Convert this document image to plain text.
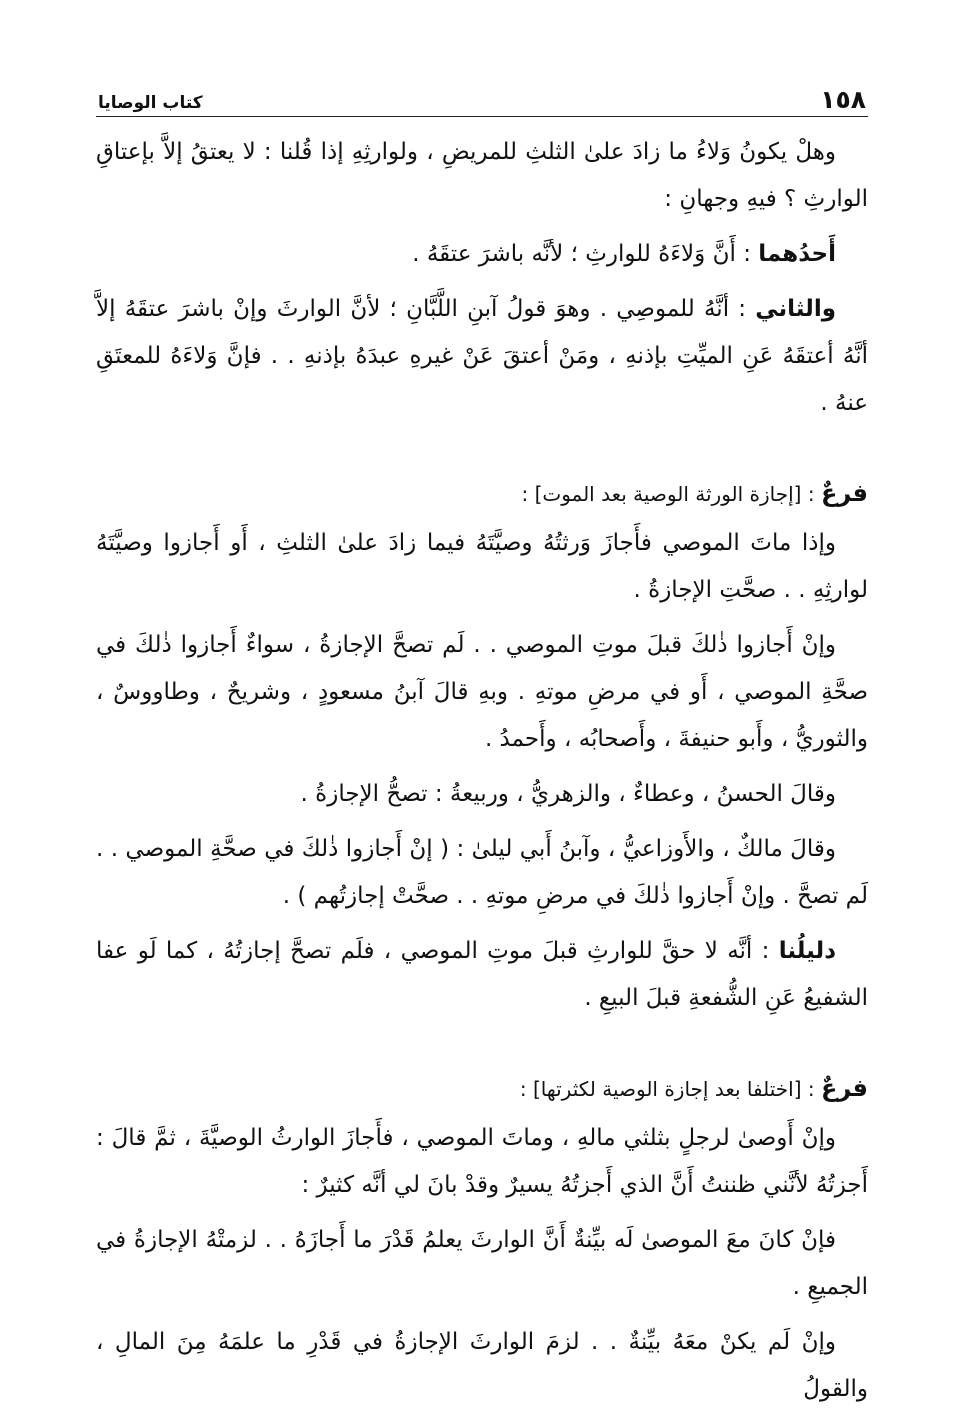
١٥٨
كتاب الوصايا

وهلْ يكونُ وَلاءُ ما زادَ علىٰ الثلثِ للمريضِ ، ولوارثِهِ إذا قُلنا : لا يعتقُ إلاَّ بإعتاقِ الوارثِ ؟ فيهِ وجهانِ :

أَحدُهما : أَنَّ وَلاءَهُ للوارثِ ؛ لأنَّه باشرَ عتقَهُ .

والثاني : أنَّهُ للموصِي . وهوَ قولُ آبنِ اللَّبَّانِ ؛ لأنَّ الوارثَ وإنْ باشرَ عتقَهُ إلاَّ أنَّهُ أعتقَهُ عَنِ الميِّتِ بإذنهِ ، ومَنْ أعتقَ عَنْ غيرهِ عبدَهُ بإذنهِ . . فإنَّ وَلاءَهُ للمعتَقِ عنهُ .

فرعٌ : [إجازة الورثة الوصية بعد الموت] :

وإذا ماتَ الموصي فأَجازَ وَرثتُهُ وصيَّتَهُ فيما زادَ علىٰ الثلثِ ، أَو أَجازوا وصيَّتَهُ لوارثِهِ . . صحَّتِ الإجازةُ .

وإنْ أَجازوا ذٰلكَ قبلَ موتِ الموصي . . لَم تصحَّ الإجازةُ ، سواءٌ أَجازوا ذٰلكَ في صحَّةِ الموصي ، أَو في مرضِ موتهِ . وبهِ قالَ آبنُ مسعودٍ ، وشريحٌ ، وطاووسٌ ، والثوريُّ ، وأَبو حنيفةَ ، وأَصحابُه ، وأَحمدُ .

وقالَ الحسنُ ، وعطاءٌ ، والزهريُّ ، وربيعةُ : تصحُّ الإجازةُ .

وقالَ مالكٌ ، والأَوزاعيُّ ، وآبنُ أَبي ليلىٰ : ( إنْ أَجازوا ذٰلكَ في صحَّةِ الموصي . . لَم تصحَّ . وإنْ أَجازوا ذٰلكَ في مرضِ موتهِ . . صحَّتْ إجازتُهم ) .

دليلُنا : أنَّه لا حقَّ للوارثِ قبلَ موتِ الموصي ، فلَم تصحَّ إجازتُهُ ، كما لَو عفا الشفيعُ عَنِ الشُّفعةِ قبلَ البيعِ .

فرعٌ : [اختلفا بعد إجازة الوصية لكثرتها] :

وإنْ أَوصىٰ لرجلٍ بثلثي مالهِ ، وماتَ الموصي ، فأَجازَ الوارثُ الوصيَّةَ ، ثمَّ قالَ : أَجزتُهُ لأنَّني ظننتُ أَنَّ الذي أَجزتُهُ يسيرٌ وقدْ بانَ لي أنَّه كثيرٌ :

فإنْ كانَ معَ الموصىٰ لَه بيِّنةٌ أَنَّ الوارثَ يعلمُ قَدْرَ ما أَجازَهُ . . لزمتْهُ الإجازةُ في الجميعِ .

وإنْ لَم يكنْ معَهُ بيِّنةٌ . . لزمَ الوارثَ الإجازةُ في قَدْرِ ما علمَهُ مِنَ المالِ ، والقولُ
